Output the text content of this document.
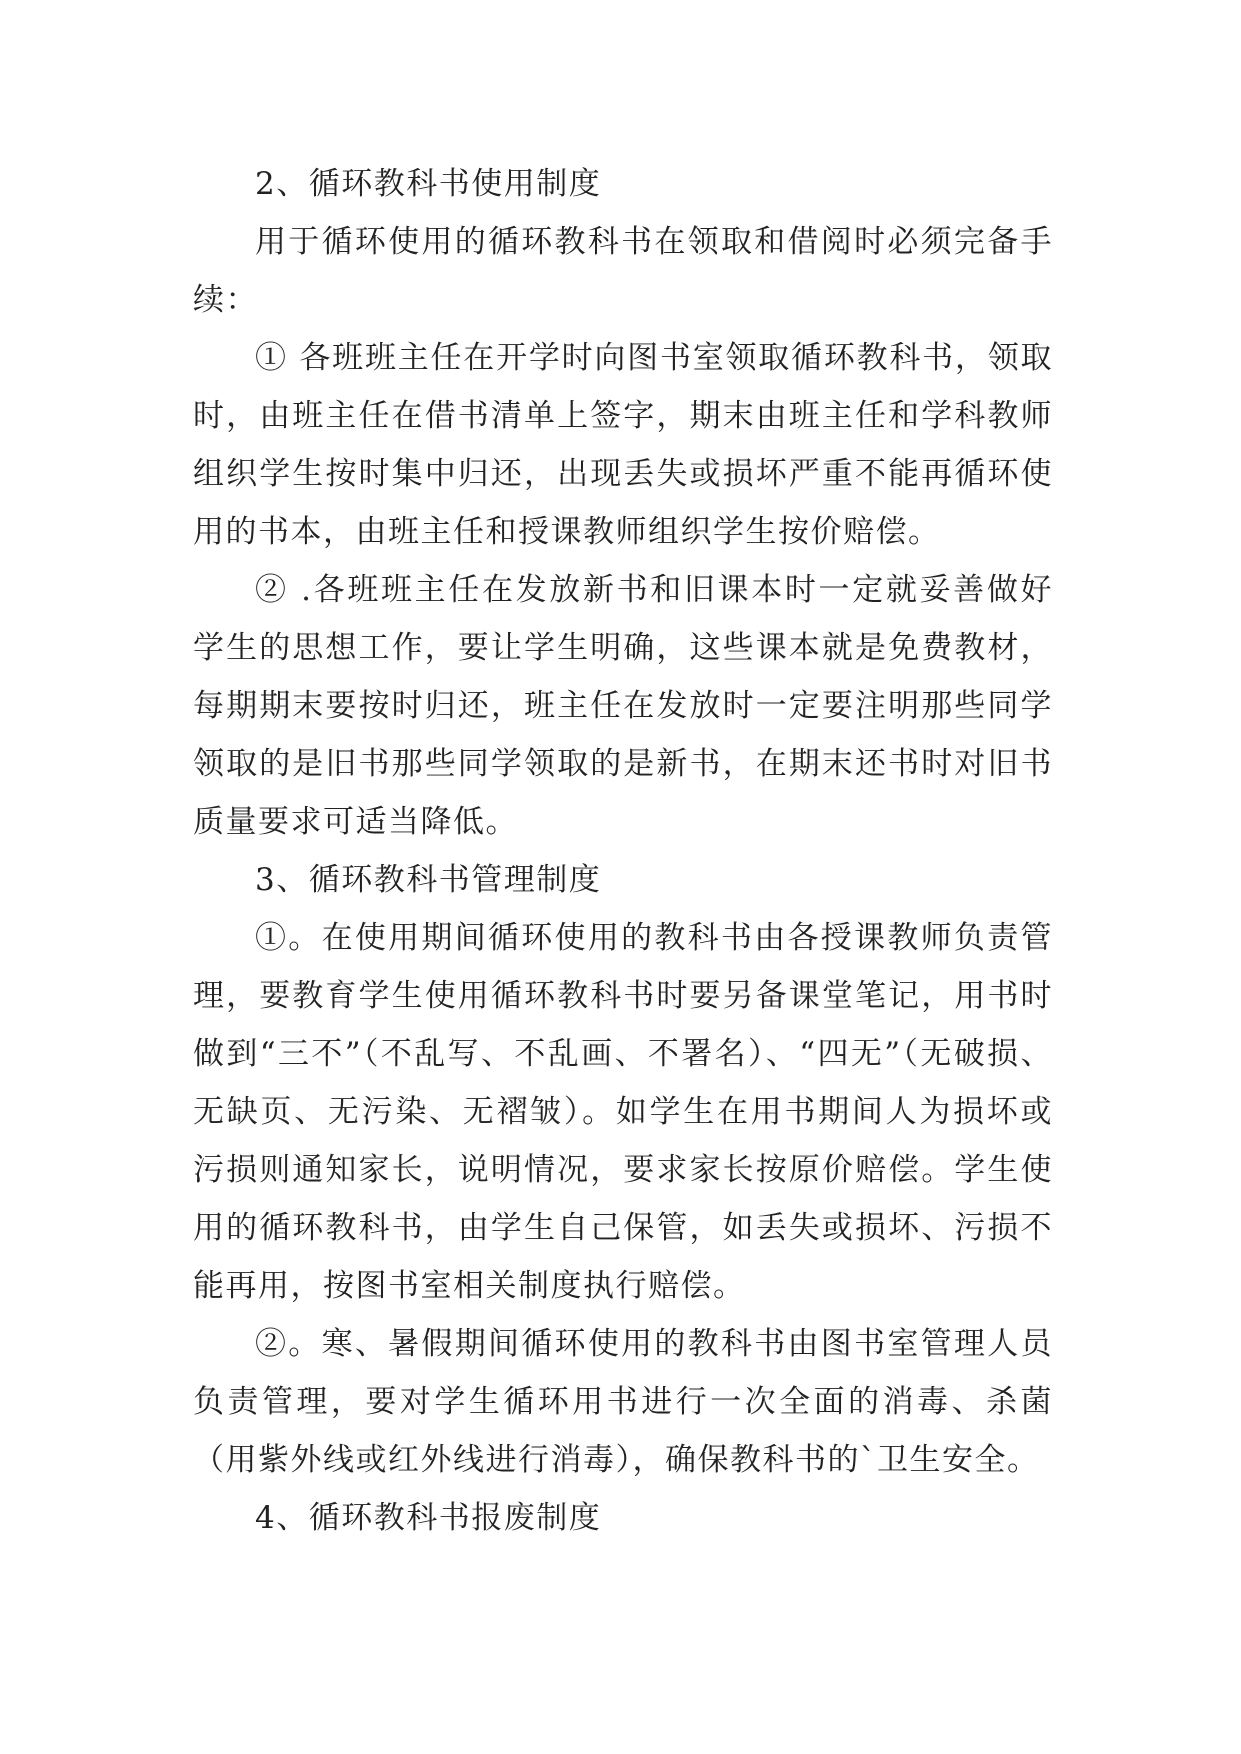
2、循环教科书使用制度

用于循环使用的循环教科书在领取和借阅时必须完备手续：

① 各班班主任在开学时向图书室领取循环教科书，领取时，由班主任在借书清单上签字，期末由班主任和学科教师组织学生按时集中归还，出现丢失或损坏严重不能再循环使用的书本，由班主任和授课教师组织学生按价赔偿。

② .各班班主任在发放新书和旧课本时一定就妥善做好学生的思想工作，要让学生明确，这些课本就是免费教材，每期期末要按时归还，班主任在发放时一定要注明那些同学领取的是旧书那些同学领取的是新书，在期末还书时对旧书质量要求可适当降低。

3、循环教科书管理制度

①。在使用期间循环使用的教科书由各授课教师负责管理，要教育学生使用循环教科书时要另备课堂笔记，用书时做到“三不”（不乱写、不乱画、不署名）、“四无”（无破损、无缺页、无污染、无褶皱）。如学生在用书期间人为损坏或污损则通知家长，说明情况，要求家长按原价赔偿。学生使用的循环教科书，由学生自己保管，如丢失或损坏、污损不能再用，按图书室相关制度执行赔偿。

②。寒、暑假期间循环使用的教科书由图书室管理人员负责管理，要对学生循环用书进行一次全面的消毒、杀菌（用紫外线或红外线进行消毒），确保教科书的`卫生安全。

4、循环教科书报废制度
